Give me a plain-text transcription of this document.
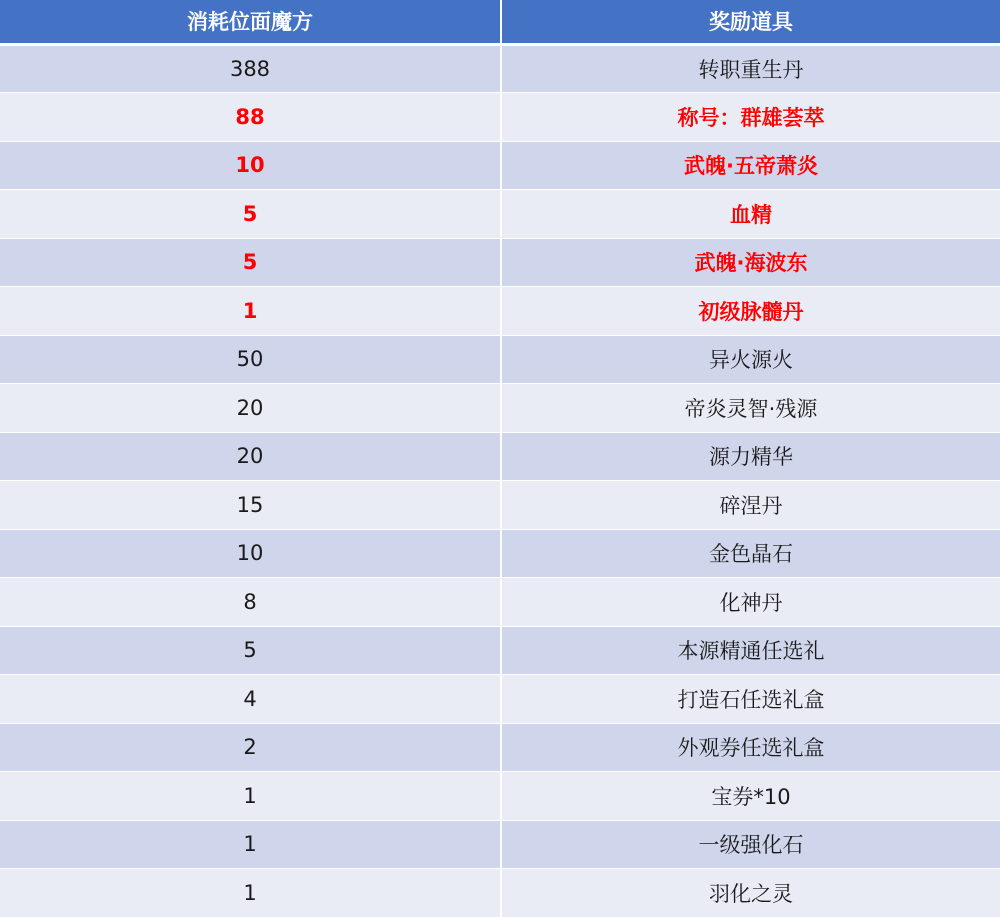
消耗位面魔方	奖励道具
388	转职重生丹
88	称号：群雄荟萃
10	武魄·五帝萧炎
5	血精
5	武魄·海波东
1	初级脉髓丹
50	异火源火
20	帝炎灵智·残源
20	源力精华
15	碎涅丹
10	金色晶石
8	化神丹
5	本源精通任选礼
4	打造石任选礼盒
2	外观券任选礼盒
1	宝券*10
1	一级强化石
1	羽化之灵
